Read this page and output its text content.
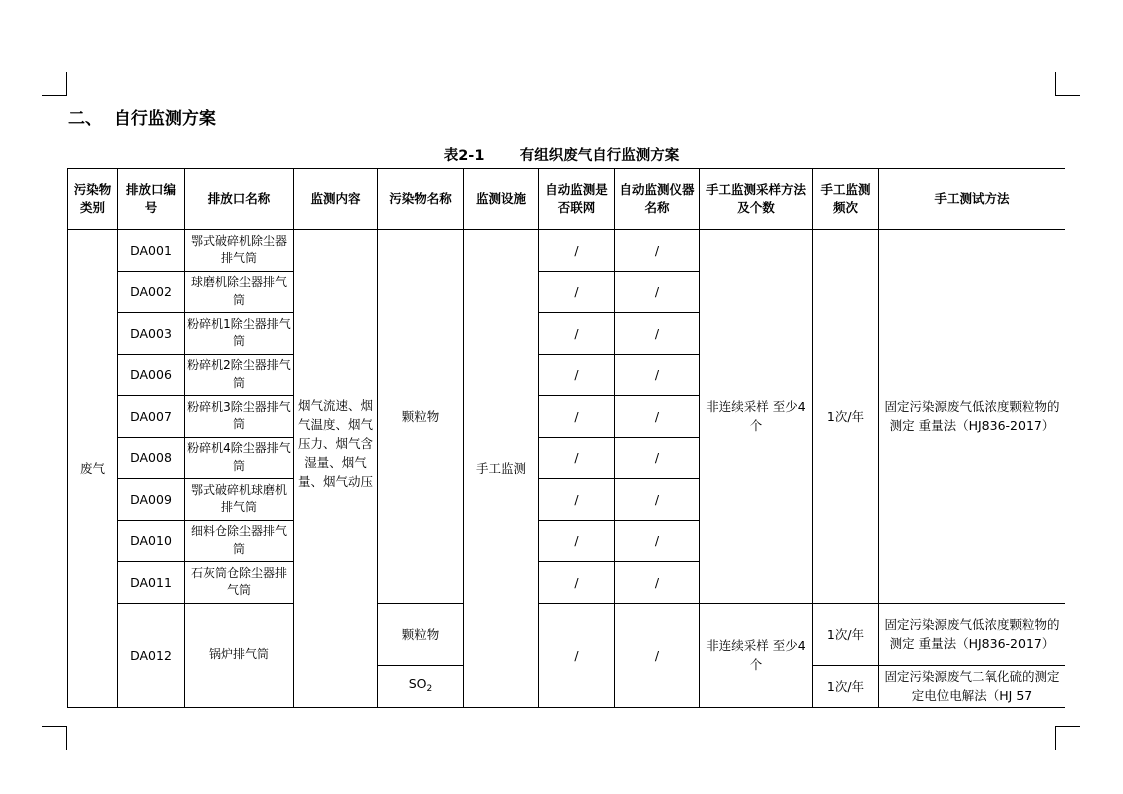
二、  自行监测方案
表2-1       有组织废气自行监测方案
污染物类别	排放口编号	排放口名称	监测内容	污染物名称	监测设施	自动监测是否联网	自动监测仪器名称	手工监测采样方法及个数	手工监测频次	手工测试方法
废气	DA001	鄂式破碎机除尘器排气筒	烟气流速、烟气温度、烟气压力、烟气含湿量、烟气量、烟气动压	颗粒物	手工监测	/	/	非连续采样 至少4个	1次/年	固定污染源废气低浓度颗粒物的测定 重量法（HJ836-2017）
	DA002	球磨机除尘器排气筒				/	/			
	DA003	粉碎机1除尘器排气筒				/	/			
	DA006	粉碎机2除尘器排气筒				/	/			
	DA007	粉碎机3除尘器排气筒				/	/			
	DA008	粉碎机4除尘器排气筒				/	/			
	DA009	鄂式破碎机球磨机排气筒				/	/			
	DA010	细料仓除尘器排气筒				/	/			
	DA011	石灰筒仓除尘器排气筒				/	/			
	DA012	锅炉排气筒		颗粒物		/	/	非连续采样 至少4个	1次/年	固定污染源废气低浓度颗粒物的测定 重量法（HJ836-2017）
				$SO_2$					1次/年	固定污染源废气二氧化硫的测定 定电位电解法（HJ 57
